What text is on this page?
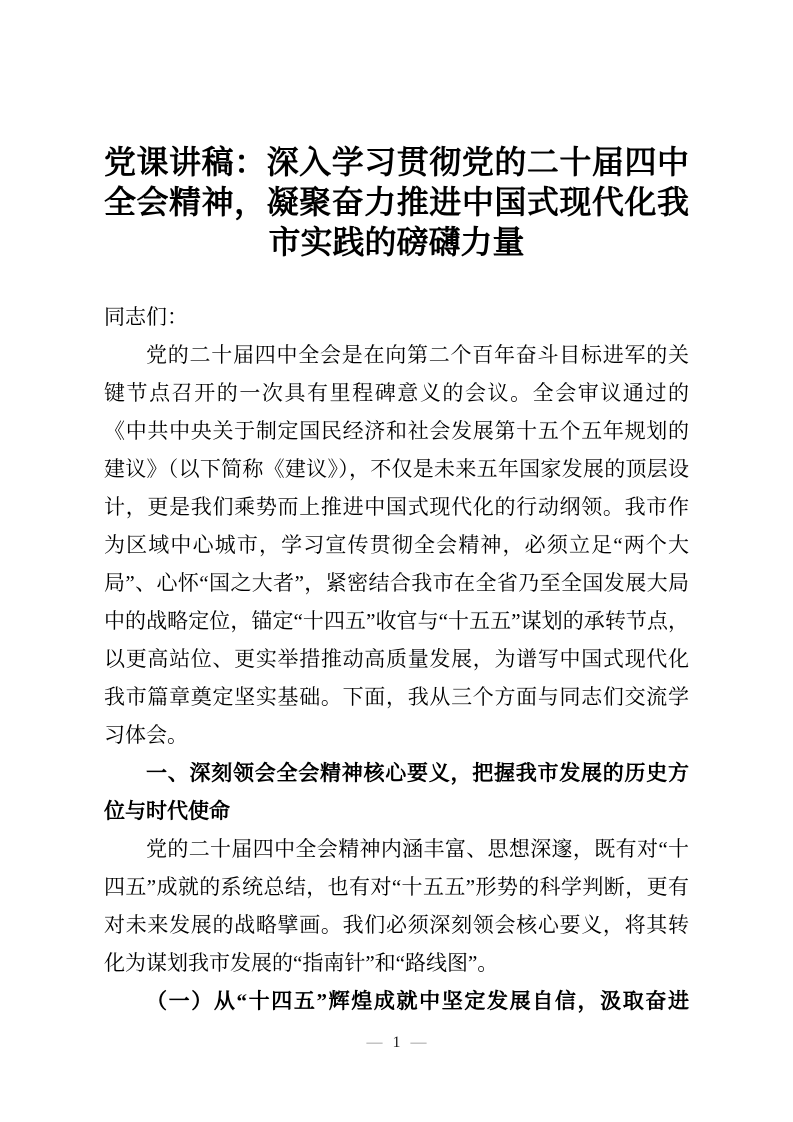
党课讲稿：深入学习贯彻党的二十届四中全会精神，凝聚奋力推进中国式现代化我市实践的磅礴力量

同志们：

党的二十届四中全会是在向第二个百年奋斗目标进军的关键节点召开的一次具有里程碑意义的会议。全会审议通过的《中共中央关于制定国民经济和社会发展第十五个五年规划的建议》（以下简称《建议》），不仅是未来五年国家发展的顶层设计，更是我们乘势而上推进中国式现代化的行动纲领。我市作为区域中心城市，学习宣传贯彻全会精神，必须立足“两个大局”、心怀“国之大者”，紧密结合我市在全省乃至全国发展大局中的战略定位，锚定“十四五”收官与“十五五”谋划的承转节点，以更高站位、更实举措推动高质量发展，为谱写中国式现代化我市篇章奠定坚实基础。下面，我从三个方面与同志们交流学习体会。

一、深刻领会全会精神核心要义，把握我市发展的历史方位与时代使命

党的二十届四中全会精神内涵丰富、思想深邃，既有对“十四五”成就的系统总结，也有对“十五五”形势的科学判断，更有对未来发展的战略擘画。我们必须深刻领会核心要义，将其转化为谋划我市发展的“指南针”和“路线图”。

（一）从“十四五”辉煌成就中坚定发展自信，汲取奋进

— 1 —
